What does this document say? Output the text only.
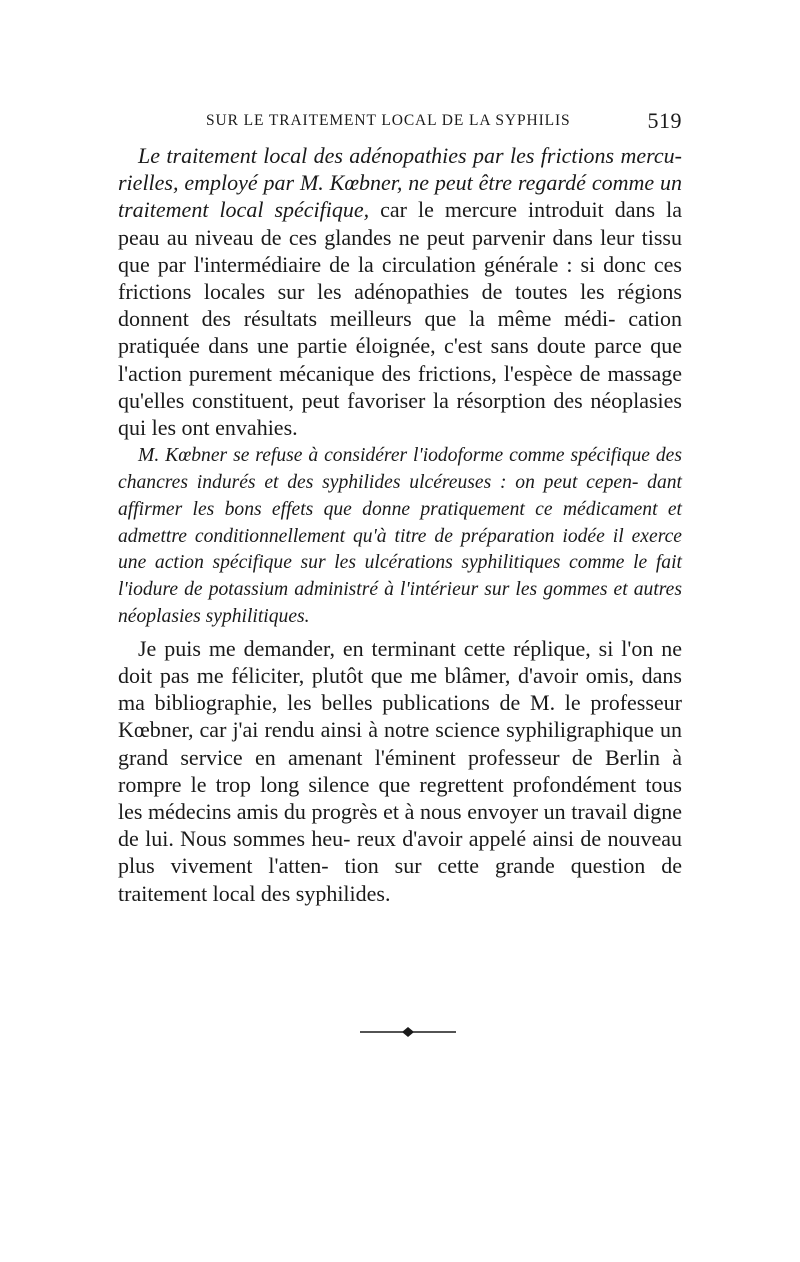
SUR LE TRAITEMENT LOCAL DE LA SYPHILIS	519

Le traitement local des adénopathies par les frictions mercu- rielles, employé par M. Kœbner, ne peut être regardé comme un traitement local spécifique, car le mercure introduit dans la peau au niveau de ces glandes ne peut parvenir dans leur tissu que par l'intermédiaire de la circulation générale : si donc ces frictions locales sur les adénopathies de toutes les régions donnent des résultats meilleurs que la même médi- cation pratiquée dans une partie éloignée, c'est sans doute parce que l'action purement mécanique des frictions, l'espèce de massage qu'elles constituent, peut favoriser la résorption des néoplasies qui les ont envahies.

M. Kœbner se refuse à considérer l'iodoforme comme spécifique des chancres indurés et des syphilides ulcéreuses : on peut cepen- dant affirmer les bons effets que donne pratiquement ce médicament et admettre conditionnellement qu'à titre de préparation iodée il exerce une action spécifique sur les ulcérations syphilitiques comme le fait l'iodure de potassium administré à l'intérieur sur les gommes et autres néoplasies syphilitiques.

Je puis me demander, en terminant cette réplique, si l'on ne doit pas me féliciter, plutôt que me blâmer, d'avoir omis, dans ma bibliographie, les belles publications de M. le professeur Kœbner, car j'ai rendu ainsi à notre science syphiligraphique un grand service en amenant l'éminent professeur de Berlin à rompre le trop long silence que regrettent profondément tous les médecins amis du progrès et à nous envoyer un travail digne de lui. Nous sommes heu- reux d'avoir appelé ainsi de nouveau plus vivement l'atten- tion sur cette grande question de traitement local des syphilides.
